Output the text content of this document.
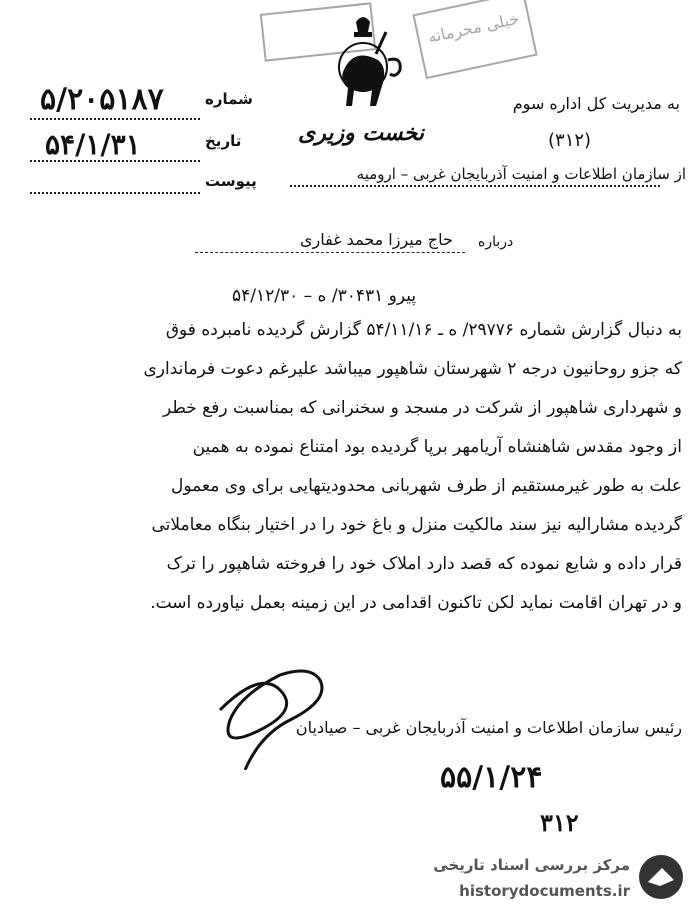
خیلی محرمانه
شماره
۵/۲۰۵۱۸۷
تاریخ
۵۴/۱/۳۱
پیوست
نخست وزیری
به مدیریت کل اداره سوم
(۳۱۲)
از سازمان اطلاعات و امنیت آذربایجان غربی – ارومیه
درباره
حاج میرزا محمد غفاری
پیرو ۳۰۴۳۱/ ه – ۵۴/۱۲/۳۰
به دنبال گزارش شماره ۲۹۷۷۶/ ه ـ ۵۴/۱۱/۱۶ گزارش گردیده نامبرده فوق
که جزو روحانیون درجه ۲ شهرستان شاهپور میباشد علیرغم دعوت فرمانداری
و شهرداری شاهپور از شرکت در مسجد و سخنرانی که بمناسبت رفع خطر
از وجود مقدس شاهنشاه آریامهر برپا گردیده بود امتناع نموده به همین
علت به طور غیرمستقیم از طرف شهربانی محدودیتهایی برای وی معمول
گردیده مشارالیه نیز سند مالکیت منزل و باغ خود را در اختیار بنگاه معاملاتی
قرار داده و شایع نموده که قصد دارد املاک خود را فروخته شاهپور را ترک
و در تهران اقامت نماید لکن تاکنون اقدامی در این زمینه بعمل نیاورده است.
رئیس سازمان اطلاعات و امنیت آذربایجان غربی – صیادیان
۵۵/۱/۲۴
۳۱۲
مرکز بررسی اسناد تاریخی
historydocuments.ir
